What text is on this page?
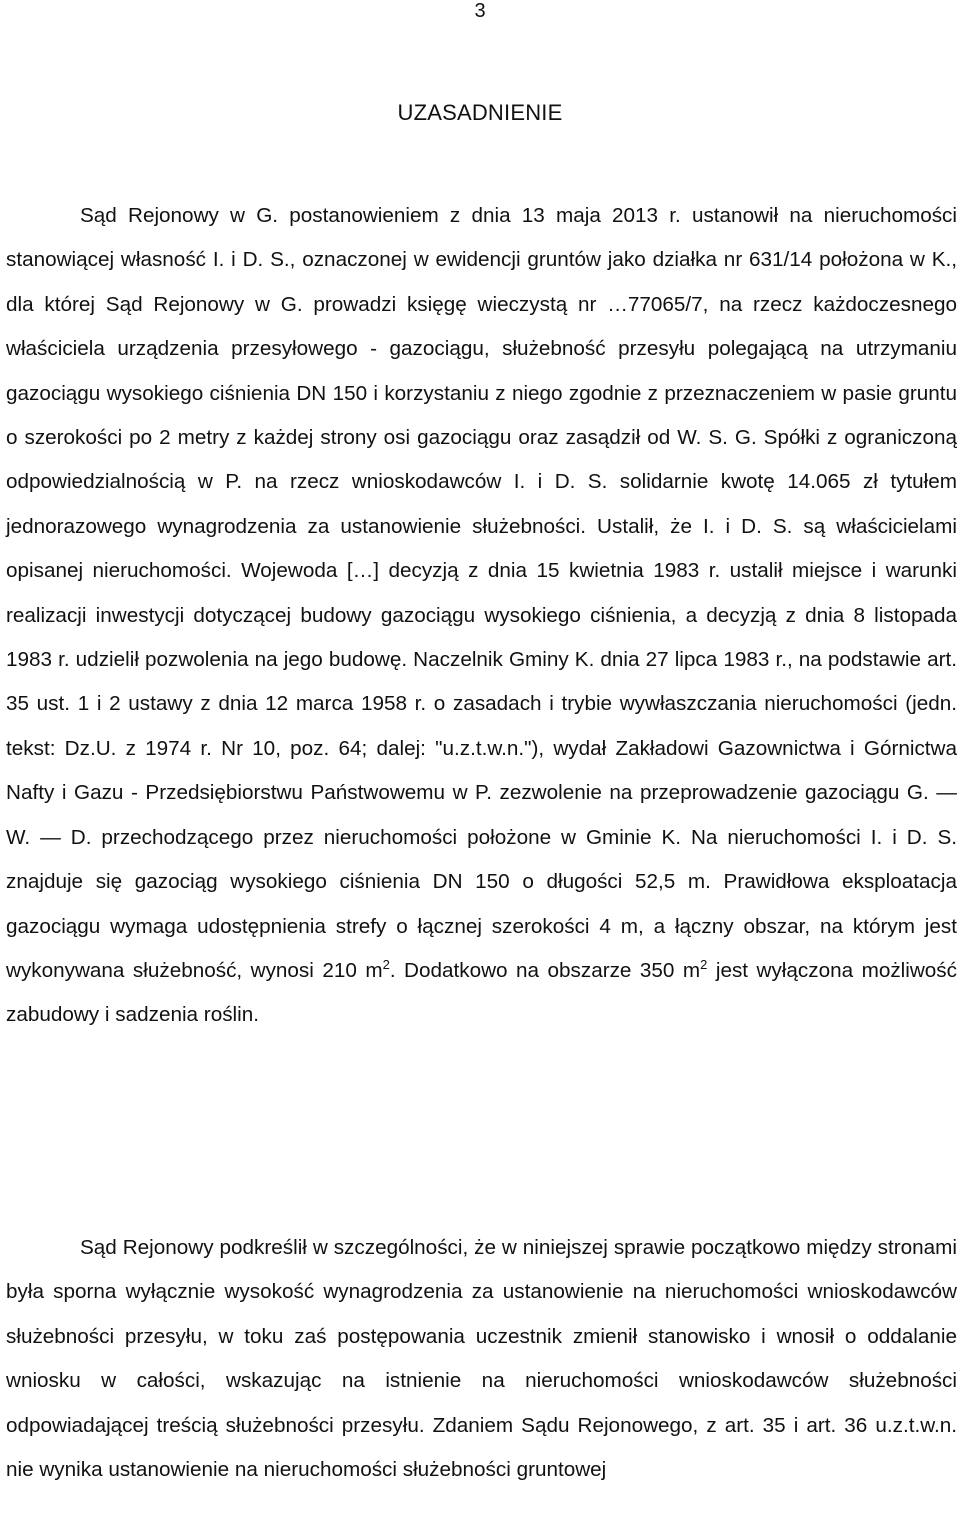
3
UZASADNIENIE

Sąd Rejonowy w G. postanowieniem z dnia 13 maja 2013 r. ustanowił na nieruchomości stanowiącej własność I. i D. S., oznaczonej w ewidencji gruntów jako działka nr 631/14 położona w K., dla której Sąd Rejonowy w G. prowadzi księgę wieczystą nr …77065/7, na rzecz każdoczesnego właściciela urządzenia przesyłowego - gazociągu, służebność przesyłu polegającą na utrzymaniu gazociągu wysokiego ciśnienia DN 150 i korzystaniu z niego zgodnie z przeznaczeniem w pasie gruntu o szerokości po 2 metry z każdej strony osi gazociągu oraz zasądził od W. S. G. Spółki z ograniczoną odpowiedzialnością w P. na rzecz wnioskodawców I. i D. S. solidarnie kwotę 14.065 zł tytułem jednorazowego wynagrodzenia za ustanowienie służebności. Ustalił, że I. i D. S. są właścicielami opisanej nieruchomości. Wojewoda […] decyzją z dnia 15 kwietnia 1983 r. ustalił miejsce i warunki realizacji inwestycji dotyczącej budowy gazociągu wysokiego ciśnienia, a decyzją z dnia 8 listopada 1983 r. udzielił pozwolenia na jego budowę. Naczelnik Gminy K. dnia 27 lipca 1983 r., na podstawie art. 35 ust. 1 i 2 ustawy z dnia 12 marca 1958 r. o zasadach i trybie wywłaszczania nieruchomości (jedn. tekst: Dz.U. z 1974 r. Nr 10, poz. 64; dalej: "u.z.t.w.n."), wydał Zakładowi Gazownictwa i Górnictwa Nafty i Gazu - Przedsiębiorstwu Państwowemu w P. zezwolenie na przeprowadzenie gazociągu G. — W. — D. przechodzącego przez nieruchomości położone w Gminie K. Na nieruchomości I. i D. S. znajduje się gazociąg wysokiego ciśnienia DN 150 o długości 52,5 m. Prawidłowa eksploatacja gazociągu wymaga udostępnienia strefy o łącznej szerokości 4 m, a łączny obszar, na którym jest wykonywana służebność, wynosi 210 $m^2$. Dodatkowo na obszarze 350 $m^2$ jest wyłączona możliwość zabudowy i sadzenia roślin.

Sąd Rejonowy podkreślił w szczególności, że w niniejszej sprawie początkowo między stronami była sporna wyłącznie wysokość wynagrodzenia za ustanowienie na nieruchomości wnioskodawców służebności przesyłu, w toku zaś postępowania uczestnik zmienił stanowisko i wnosił o oddalanie wniosku w całości, wskazując na istnienie na nieruchomości wnioskodawców służebności odpowiadającej treścią służebności przesyłu. Zdaniem Sądu Rejonowego, z art. 35 i art. 36 u.z.t.w.n. nie wynika ustanowienie na nieruchomości służebności gruntowej
